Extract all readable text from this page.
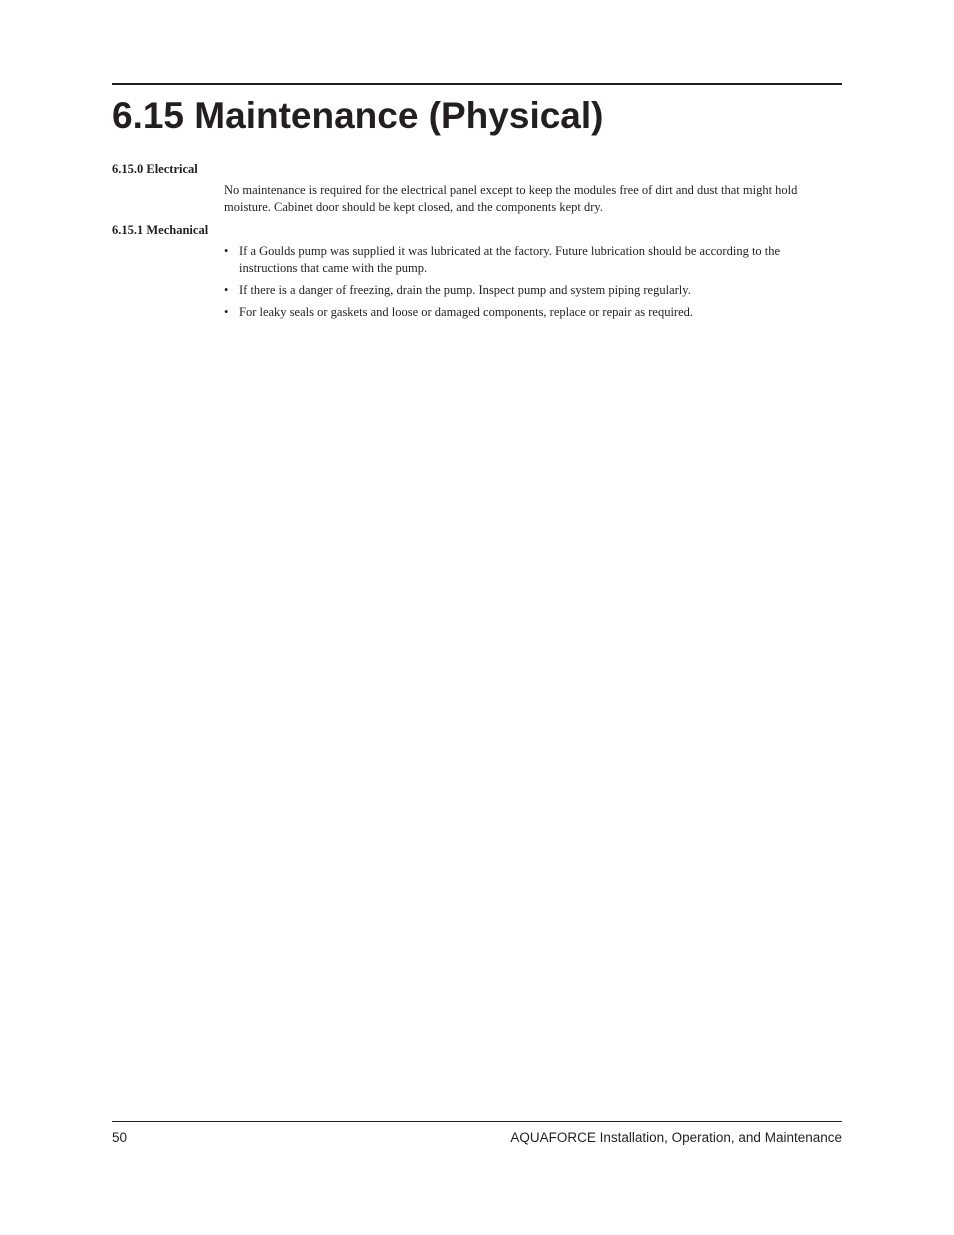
6.15 Maintenance (Physical)
6.15.0 Electrical

No maintenance is required for the electrical panel except to keep the modules free of dirt and dust that might hold moisture. Cabinet door should be kept closed, and the components kept dry.

6.15.1 Mechanical
• If a Goulds pump was supplied it was lubricated at the factory. Future lubrication should be according to the instructions that came with the pump.
• If there is a danger of freezing, drain the pump. Inspect pump and system piping regularly.
• For leaky seals or gaskets and loose or damaged components, replace or repair as required.
50	AQUAFORCE Installation, Operation, and Maintenance
